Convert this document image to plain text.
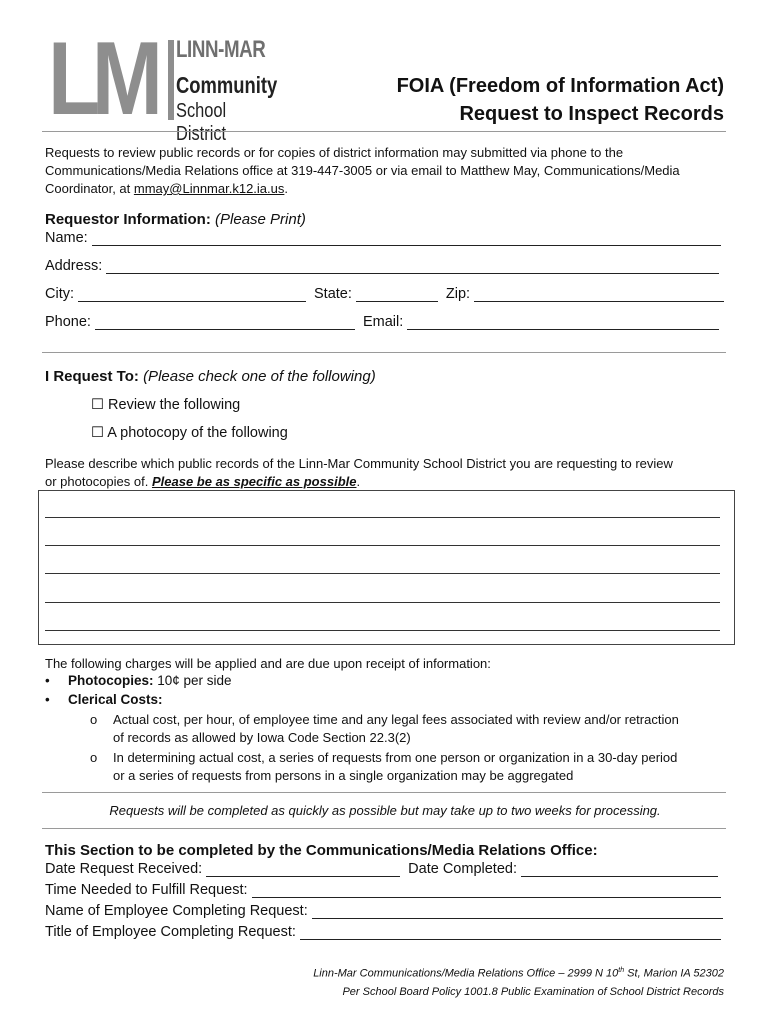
LM LINN-MAR
Community
School District
FOIA (Freedom of Information Act)
Request to Inspect Records
Requests to review public records or for copies of district information may submitted via phone to the
Communications/Media Relations office at 319-447-3005 or via email to Matthew May, Communications/Media
Coordinator, at mmay@Linnmar.k12.ia.us.
Requestor Information: (Please Print)
Name:
Address:
City:	State:	Zip:
Phone:	Email:
I Request To: (Please check one of the following)
☐ Review the following
☐ A photocopy of the following
Please describe which public records of the Linn-Mar Community School District you are requesting to review
or photocopies of. Please be as specific as possible.
The following charges will be applied and are due upon receipt of information:
• Photocopies: 10¢ per side
• Clerical Costs:
o Actual cost, per hour, of employee time and any legal fees associated with review and/or retraction
of records as allowed by Iowa Code Section 22.3(2)
o In determining actual cost, a series of requests from one person or organization in a 30-day period
or a series of requests from persons in a single organization may be aggregated
Requests will be completed as quickly as possible but may take up to two weeks for processing.
This Section to be completed by the Communications/Media Relations Office:
Date Request Received:	Date Completed:
Time Needed to Fulfill Request:
Name of Employee Completing Request:
Title of Employee Completing Request:
Linn-Mar Communications/Media Relations Office – 2999 N 10th St, Marion IA 52302
Per School Board Policy 1001.8 Public Examination of School District Records
